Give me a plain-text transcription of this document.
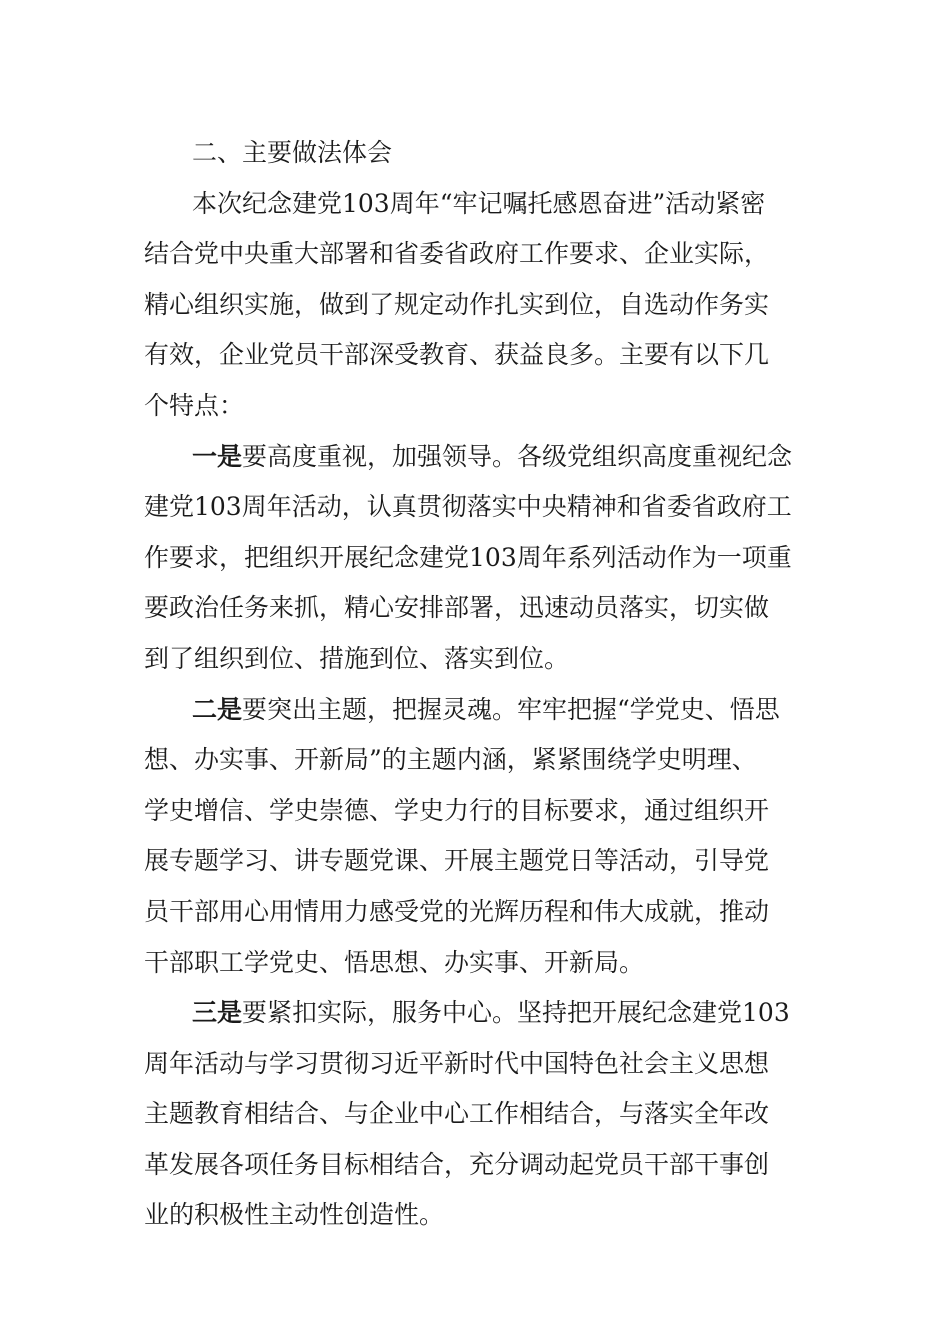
二、主要做法体会
本次纪念建党103周年“牢记嘱托感恩奋进”活动紧密
结合党中央重大部署和省委省政府工作要求、企业实际，
精心组织实施，做到了规定动作扎实到位，自选动作务实
有效，企业党员干部深受教育、获益良多。主要有以下几
个特点：
一是要高度重视，加强领导。各级党组织高度重视纪念
建党103周年活动，认真贯彻落实中央精神和省委省政府工
作要求，把组织开展纪念建党103周年系列活动作为一项重
要政治任务来抓，精心安排部署，迅速动员落实，切实做
到了组织到位、措施到位、落实到位。
二是要突出主题，把握灵魂。牢牢把握“学党史、悟思
想、办实事、开新局”的主题内涵，紧紧围绕学史明理、
学史增信、学史崇德、学史力行的目标要求，通过组织开
展专题学习、讲专题党课、开展主题党日等活动，引导党
员干部用心用情用力感受党的光辉历程和伟大成就，推动
干部职工学党史、悟思想、办实事、开新局。
三是要紧扣实际，服务中心。坚持把开展纪念建党103
周年活动与学习贯彻习近平新时代中国特色社会主义思想
主题教育相结合、与企业中心工作相结合，与落实全年改
革发展各项任务目标相结合，充分调动起党员干部干事创
业的积极性主动性创造性。
